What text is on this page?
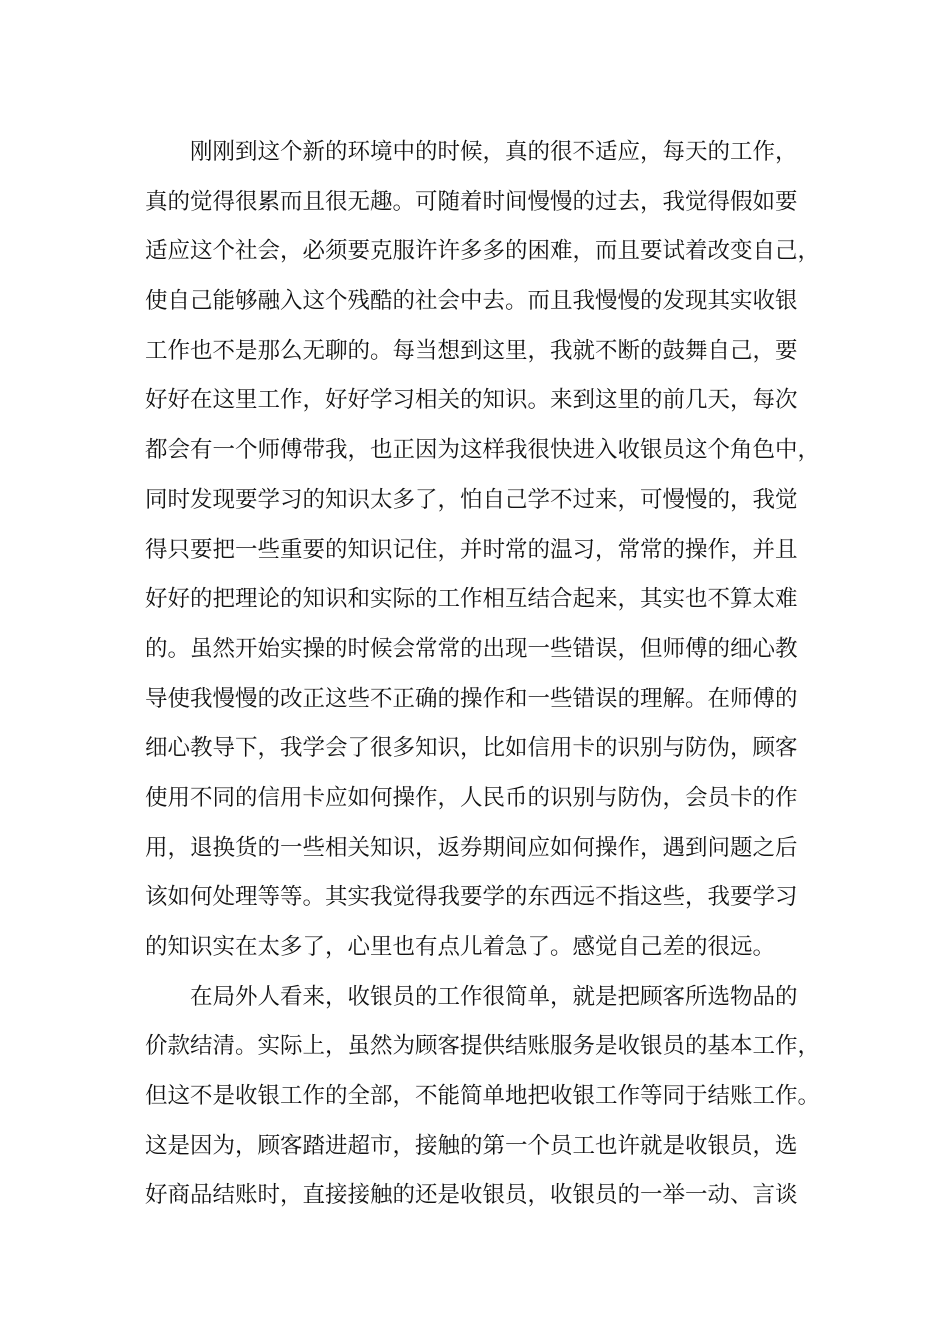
刚刚到这个新的环境中的时候，真的很不适应，每天的工作，
真的觉得很累而且很无趣。可随着时间慢慢的过去，我觉得假如要
适应这个社会，必须要克服许许多多的困难，而且要试着改变自己，
使自己能够融入这个残酷的社会中去。而且我慢慢的发现其实收银
工作也不是那么无聊的。每当想到这里，我就不断的鼓舞自己，要
好好在这里工作，好好学习相关的知识。来到这里的前几天，每次
都会有一个师傅带我，也正因为这样我很快进入收银员这个角色中，
同时发现要学习的知识太多了，怕自己学不过来，可慢慢的，我觉
得只要把一些重要的知识记住，并时常的温习，常常的操作，并且
好好的把理论的知识和实际的工作相互结合起来，其实也不算太难
的。虽然开始实操的时候会常常的出现一些错误，但师傅的细心教
导使我慢慢的改正这些不正确的操作和一些错误的理解。在师傅的
细心教导下，我学会了很多知识，比如信用卡的识别与防伪，顾客
使用不同的信用卡应如何操作，人民币的识别与防伪，会员卡的作
用，退换货的一些相关知识，返券期间应如何操作，遇到问题之后
该如何处理等等。其实我觉得我要学的东西远不指这些，我要学习
的知识实在太多了，心里也有点儿着急了。感觉自己差的很远。
在局外人看来，收银员的工作很简单，就是把顾客所选物品的
价款结清。实际上，虽然为顾客提供结账服务是收银员的基本工作，
但这不是收银工作的全部，不能简单地把收银工作等同于结账工作。
这是因为，顾客踏进超市，接触的第一个员工也许就是收银员，选
好商品结账时，直接接触的还是收银员，收银员的一举一动、言谈
